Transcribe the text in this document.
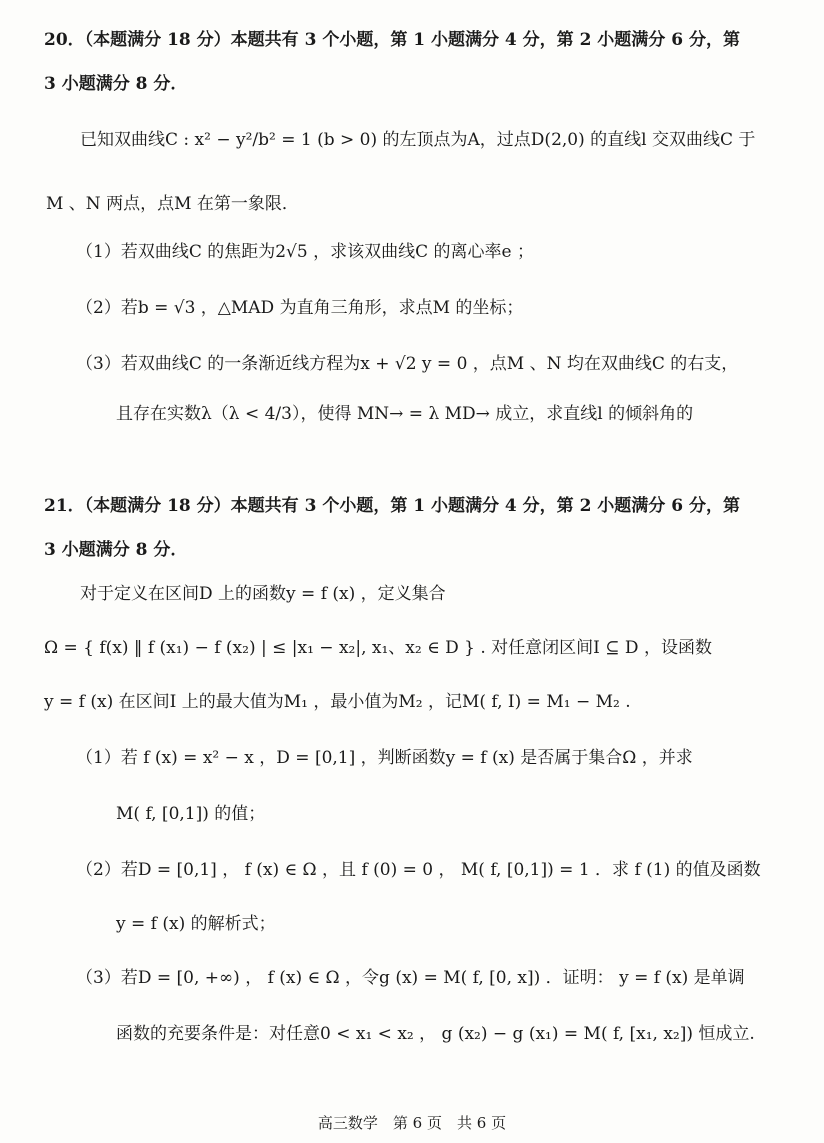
20．（本题满分 18 分）本题共有 3 个小题，第 1 小题满分 4 分，第 2 小题满分 6 分，第
3 小题满分 8 分．
已知双曲线C : x² − y²/b² = 1 (b > 0) 的左顶点为A，过点D(2,0) 的直线l 交双曲线C 于
M 、N 两点，点M 在第一象限．
（1）若双曲线C 的焦距为2√5 ，求该双曲线C 的离心率e ；
（2）若b = √3 ，△MAD 为直角三角形，求点M 的坐标；
（3）若双曲线C 的一条渐近线方程为x + √2 y = 0 ，点M 、N 均在双曲线C 的右支，
且存在实数λ（λ < 4/3），使得 MN→ = λ MD→ 成立，求直线l 的倾斜角的
21．（本题满分 18 分）本题共有 3 个小题，第 1 小题满分 4 分，第 2 小题满分 6 分，第
3 小题满分 8 分．
对于定义在区间D 上的函数y = f (x) ，定义集合
Ω = { f(x) ‖ f (x₁) − f (x₂) | ≤ |x₁ − x₂|, x₁、x₂ ∈ D } . 对任意闭区间I ⊆ D ，设函数
y = f (x) 在区间I 上的最大值为M₁ ，最小值为M₂ ，记M( f, I) = M₁ − M₂ .
（1）若 f (x) = x² − x ，D = [0,1] ，判断函数y = f (x) 是否属于集合Ω ，并求
M( f, [0,1]) 的值；
（2）若D = [0,1] ， f (x) ∈ Ω ，且 f (0) = 0 ， M( f, [0,1]) = 1 ．求 f (1) 的值及函数
y = f (x) 的解析式；
（3）若D = [0, +∞) ， f (x) ∈ Ω ，令g (x) = M( f, [0, x]) ．证明： y = f (x) 是单调
函数的充要条件是：对任意0 < x₁ < x₂ ， g (x₂) − g (x₁) = M( f, [x₁, x₂]) 恒成立.
高三数学　第 6 页　共 6 页
